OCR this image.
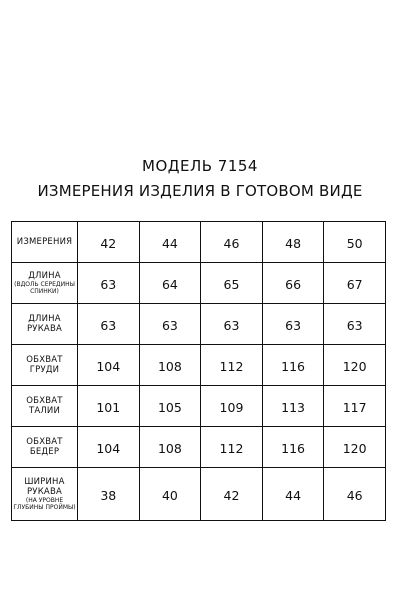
МОДЕЛЬ 7154
ИЗМЕРЕНИЯ ИЗДЕЛИЯ В ГОТОВОМ ВИДЕ
ИЗМЕРЕНИЯ	42	44	46	48	50

ДЛИНА
(ВДОЛЬ СЕРЕДИНЫ СПИНКИ)	63	64	65	66	67

ДЛИНА
РУКАВА	63	63	63	63	63

ОБХВАТ
ГРУДИ	104	108	112	116	120

ОБХВАТ
ТАЛИИ	101	105	109	113	117

ОБХВАТ
БЕДЕР	104	108	112	116	120

ШИРИНА
РУКАВА
(НА УРОВНЕ ГЛУБИНЫ ПРОЙМЫ)	38	40	42	44	46
